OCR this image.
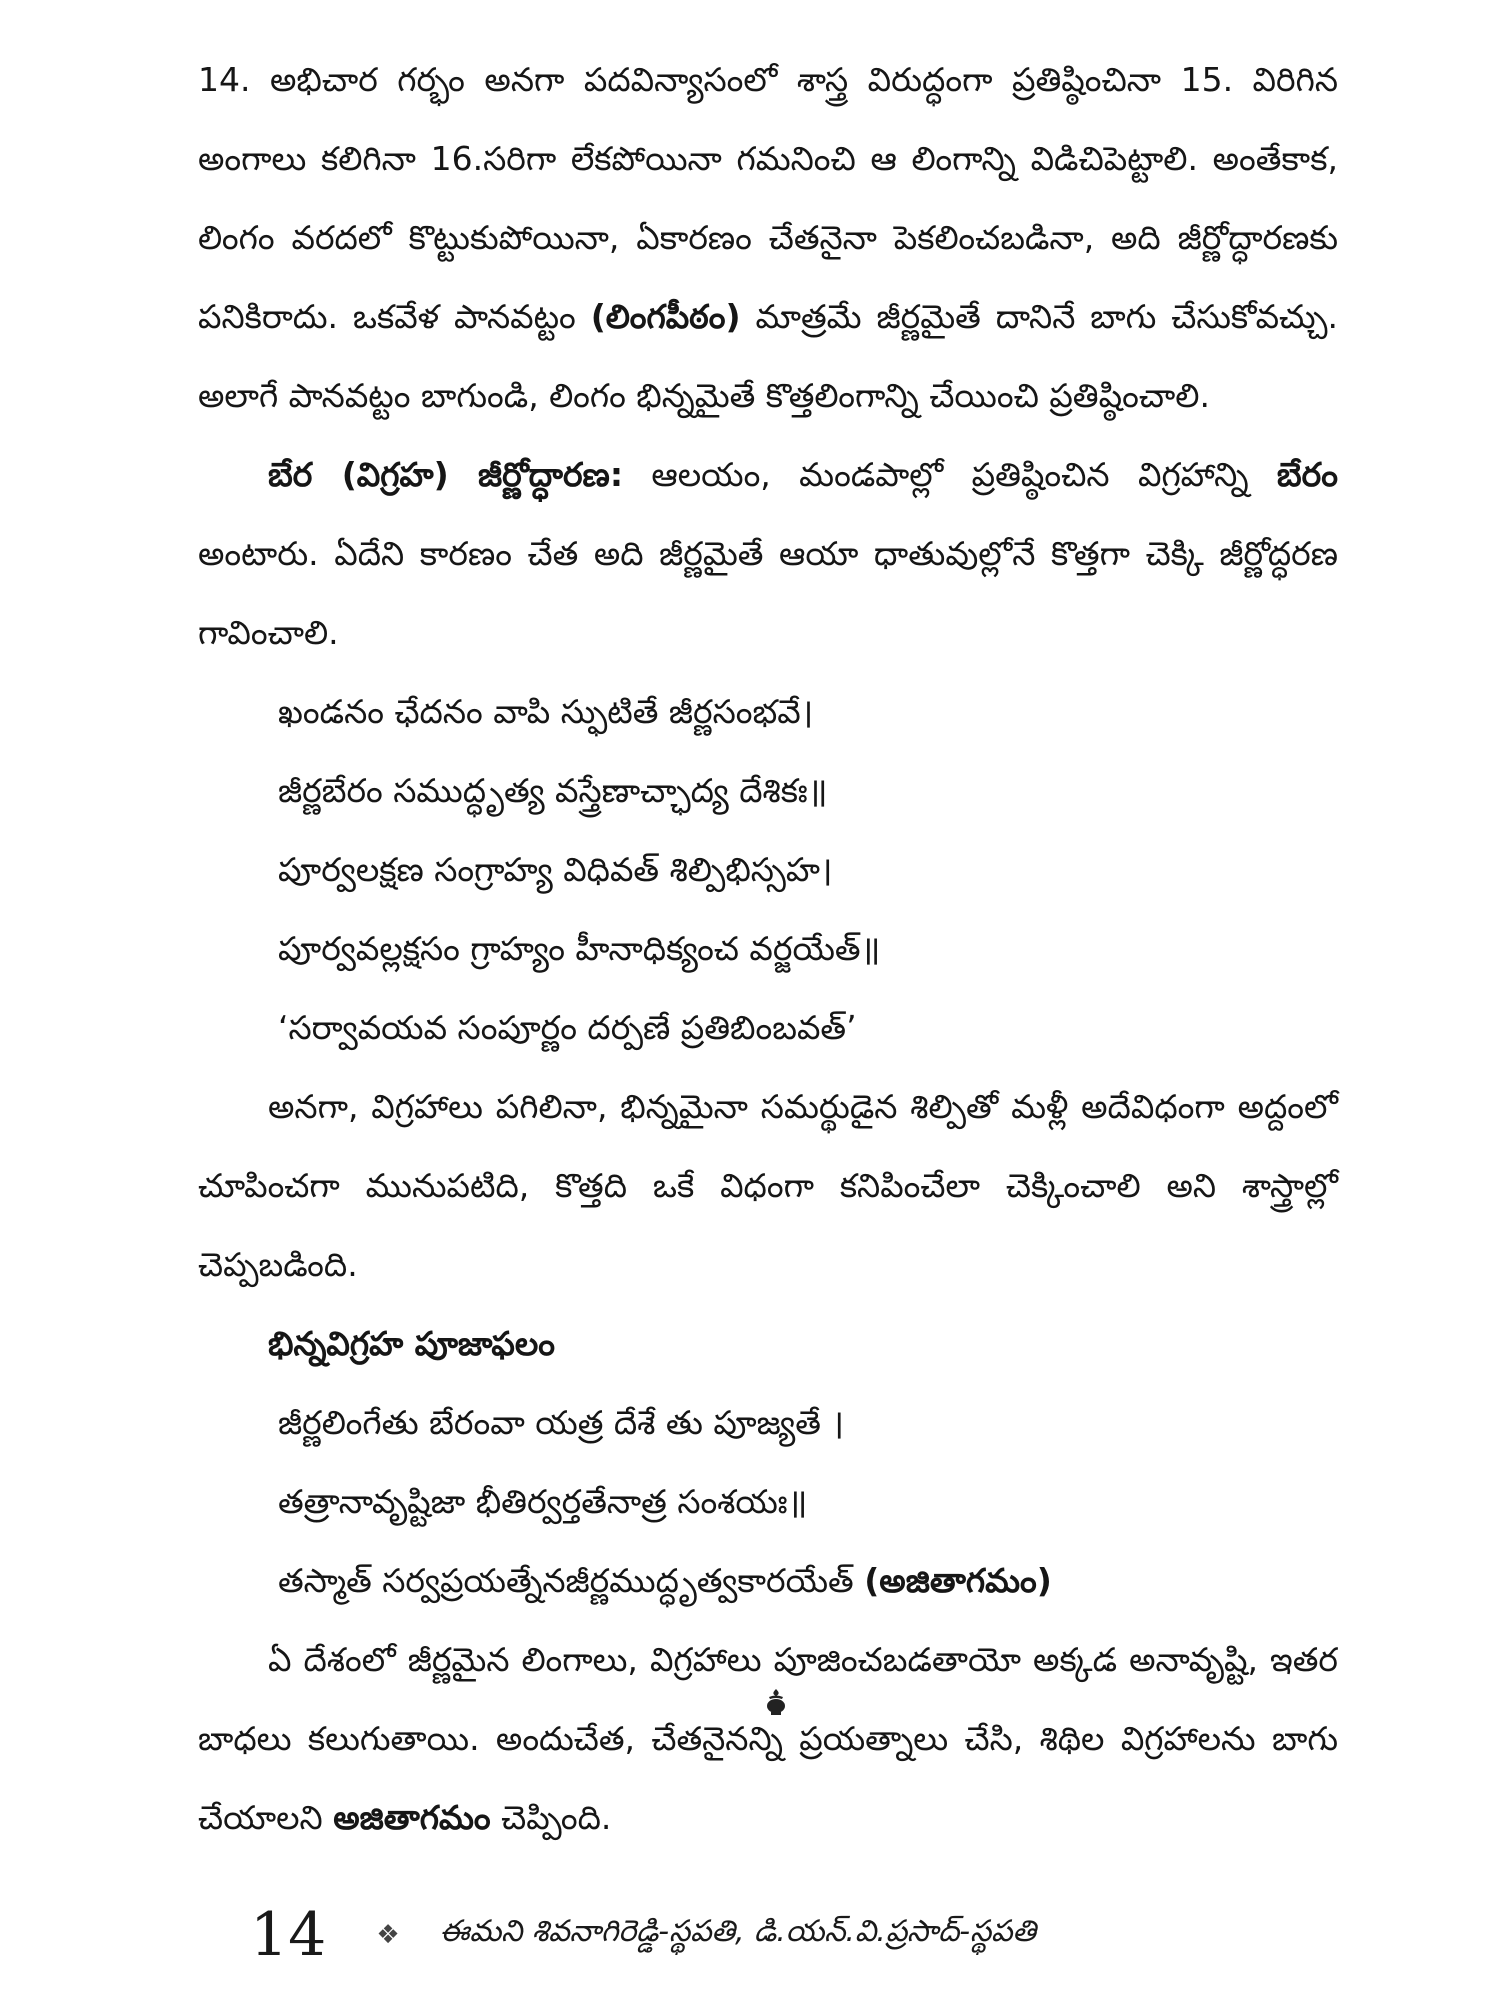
14. అభిచార గర్భం అనగా పదవిన్యాసంలో శాస్త్ర విరుద్ధంగా ప్రతిష్ఠించినా 15. విరిగిన అంగాలు కలిగినా 16.సరిగా లేకపోయినా గమనించి ఆ లింగాన్ని విడిచిపెట్టాలి. అంతేకాక, లింగం వరదలో కొట్టుకుపోయినా, ఏకారణం చేతనైనా పెకలించబడినా, అది జీర్ణోద్ధారణకు పనికిరాదు. ఒకవేళ పానవట్టం (లింగపీఠం) మాత్రమే జీర్ణమైతే దానినే బాగు చేసుకోవచ్చు. అలాగే పానవట్టం బాగుండి, లింగం భిన్నమైతే కొత్తలింగాన్ని చేయించి ప్రతిష్ఠించాలి.

బేర (విగ్రహ) జీర్ణోద్ధారణ: ఆలయం, మండపాల్లో ప్రతిష్ఠించిన విగ్రహాన్ని బేరం అంటారు. ఏదేని కారణం చేత అది జీర్ణమైతే ఆయా ధాతువుల్లోనే కొత్తగా చెక్కి జీర్ణోద్ధరణ గావించాలి.

ఖండనం ఛేదనం వాపి స్ఫుటితే జీర్ణసంభవే।
జీర్ణబేరం సముద్ధృత్య వస్త్రేణాచ్ఛాద్య దేశికః॥
పూర్వలక్షణ సంగ్రాహ్య విధివత్ శిల్పిభిస్సహ।
పూర్వవల్లక్షసం గ్రాహ్యం హీనాధిక్యంచ వర్జయేత్॥
‘సర్వావయవ సంపూర్ణం దర్పణే ప్రతిబింబవత్’

అనగా, విగ్రహాలు పగిలినా, భిన్నమైనా సమర్థుడైన శిల్పితో మళ్లీ అదేవిధంగా అద్దంలో చూపించగా మునుపటిది, కొత్తది ఒకే విధంగా కనిపించేలా చెక్కించాలి అని శాస్త్రాల్లో చెప్పబడింది.

భిన్నవిగ్రహ పూజాఫలం
జీర్ణలింగేతు బేరంవా యత్ర దేశే తు పూజ్యతే ।
తత్రానావృష్టిజా భీతిర్వర్తతేనాత్ర సంశయః॥
తస్మాత్ సర్వప్రయత్నేనజీర్ణముద్ధృత్వకారయేత్ (అజితాగమం)

ఏ దేశంలో జీర్ణమైన లింగాలు, విగ్రహాలు పూజించబడతాయో అక్కడ అనావృష్టి, ఇతర బాధలు కలుగుతాయి. అందుచేత, చేతనైనన్ని ప్రయత్నాలు చేసి, శిథిల విగ్రహాలను బాగు చేయాలని అజితాగమం చెప్పింది.

14 ❖ ఈమని శివనాగిరెడ్డి-స్థపతి, డి.యన్.వి.ప్రసాద్-స్థపతి
